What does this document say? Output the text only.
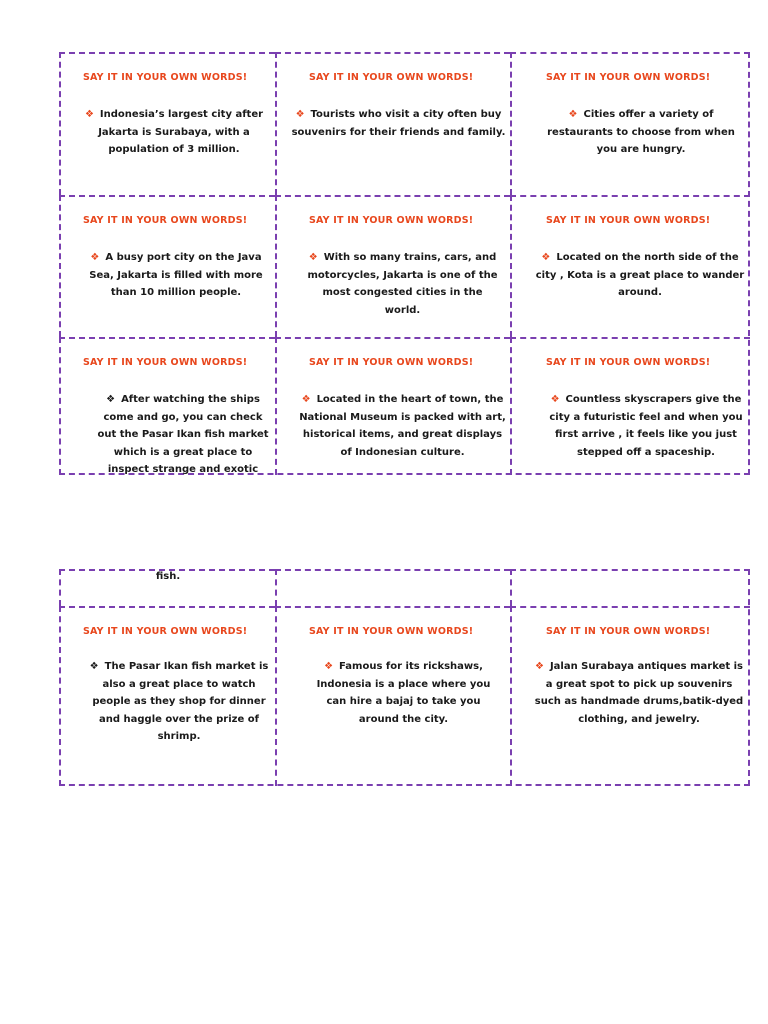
SAY IT IN YOUR OWN WORDS!
❖ Indonesia’s largest city after Jakarta is Surabaya, with a population of 3 million.
SAY IT IN YOUR OWN WORDS!
❖ Tourists who visit a city often buy souvenirs for their friends and family.
SAY IT IN YOUR OWN WORDS!
❖ Cities offer a variety of restaurants to choose from when you are hungry.
SAY IT IN YOUR OWN WORDS!
❖ A busy port city on the Java Sea, Jakarta is filled with more than 10 million people.
SAY IT IN YOUR OWN WORDS!
❖ With so many trains, cars, and motorcycles, Jakarta is one of the most congested cities in the world.
SAY IT IN YOUR OWN WORDS!
❖ Located on the north side of the city , Kota is a great place to wander around.
SAY IT IN YOUR OWN WORDS!
❖ After watching the ships come and go, you can check out the Pasar Ikan fish market which is a great place to inspect strange and exotic
SAY IT IN YOUR OWN WORDS!
❖ Located in the heart of town, the National Museum is packed with art, historical items, and great displays of Indonesian culture.
SAY IT IN YOUR OWN WORDS!
❖ Countless skyscrapers give the city a futuristic feel and when you first arrive , it feels like you just stepped off a spaceship.
fish.
SAY IT IN YOUR OWN WORDS!
❖ The Pasar Ikan fish market is also a great place to watch people as they shop for dinner and haggle over the prize of shrimp.
SAY IT IN YOUR OWN WORDS!
❖ Famous for its rickshaws, Indonesia is a place where you can hire a bajaj to take you around the city.
SAY IT IN YOUR OWN WORDS!
❖ Jalan Surabaya antiques market is a great spot to pick up souvenirs such as handmade drums,batik-dyed clothing, and jewelry.
